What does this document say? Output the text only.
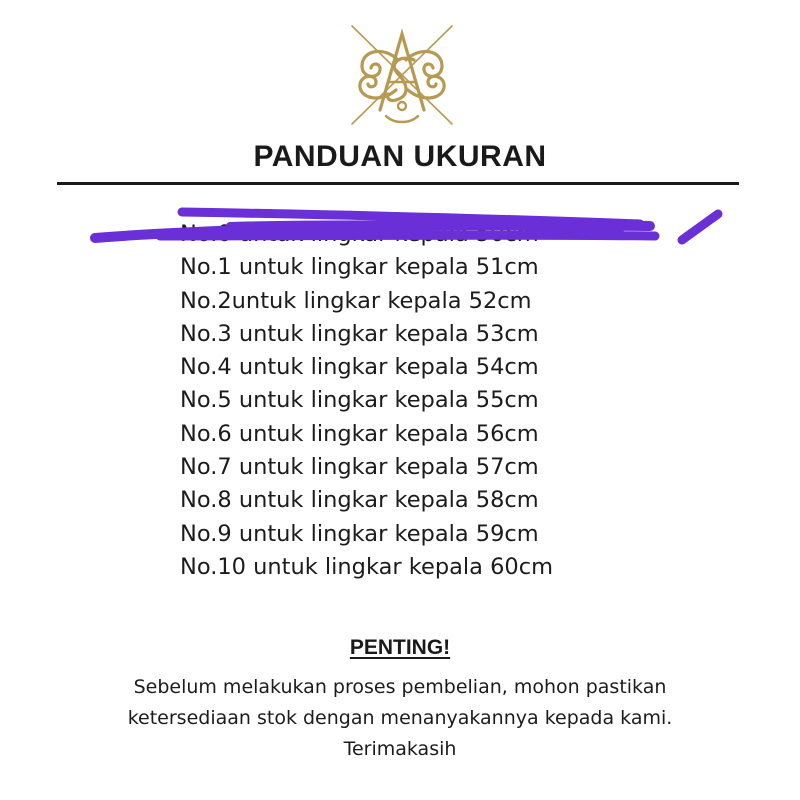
PANDUAN UKURAN
No.0 untuk lingkar kepala 50cm
No.1 untuk lingkar kepala 51cm
No.2untuk lingkar kepala 52cm
No.3 untuk lingkar kepala 53cm
No.4 untuk lingkar kepala 54cm
No.5 untuk lingkar kepala 55cm
No.6 untuk lingkar kepala 56cm
No.7 untuk lingkar kepala 57cm
No.8 untuk lingkar kepala 58cm
No.9 untuk lingkar kepala 59cm
No.10 untuk lingkar kepala 60cm
PENTING!
Sebelum melakukan proses pembelian, mohon pastikan
ketersediaan stok dengan menanyakannya kepada kami.
Terimakasih
